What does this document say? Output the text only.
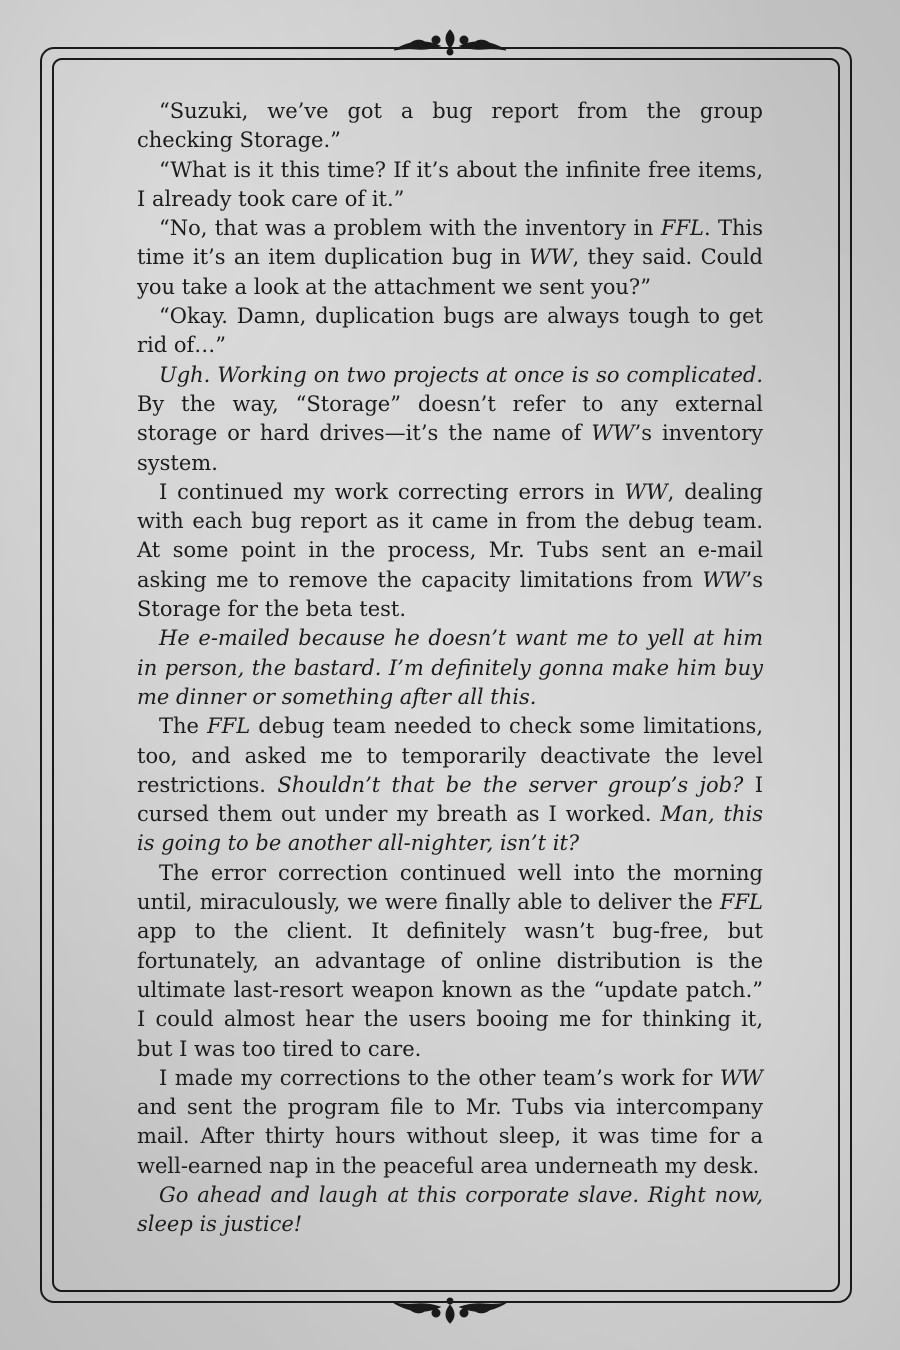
“Suzuki, we’ve got a bug report from the group checking Storage.”

“What is it this time? If it’s about the infinite free items, I already took care of it.”

“No, that was a problem with the inventory in FFL. This time it’s an item duplication bug in WW, they said. Could you take a look at the attachment we sent you?”

“Okay. Damn, duplication bugs are always tough to get rid of…”

Ugh. Working on two projects at once is so complicated. By the way, “Storage” doesn’t refer to any external storage or hard drives—it’s the name of WW’s inventory system.

I continued my work correcting errors in WW, dealing with each bug report as it came in from the debug team. At some point in the process, Mr. Tubs sent an e-mail asking me to remove the capacity limitations from WW’s Storage for the beta test.

He e-mailed because he doesn’t want me to yell at him in person, the bastard. I’m definitely gonna make him buy me dinner or something after all this.

The FFL debug team needed to check some limitations, too, and asked me to temporarily deactivate the level restrictions. Shouldn’t that be the server group’s job? I cursed them out under my breath as I worked. Man, this is going to be another all-nighter, isn’t it?

The error correction continued well into the morning until, miraculously, we were finally able to deliver the FFL app to the client. It definitely wasn’t bug-free, but fortunately, an advantage of online distribution is the ultimate last-resort weapon known as the “update patch.” I could almost hear the users booing me for thinking it, but I was too tired to care.

I made my corrections to the other team’s work for WW and sent the program file to Mr. Tubs via intercompany mail. After thirty hours without sleep, it was time for a well-earned nap in the peaceful area underneath my desk.

Go ahead and laugh at this corporate slave. Right now, sleep is justice!
